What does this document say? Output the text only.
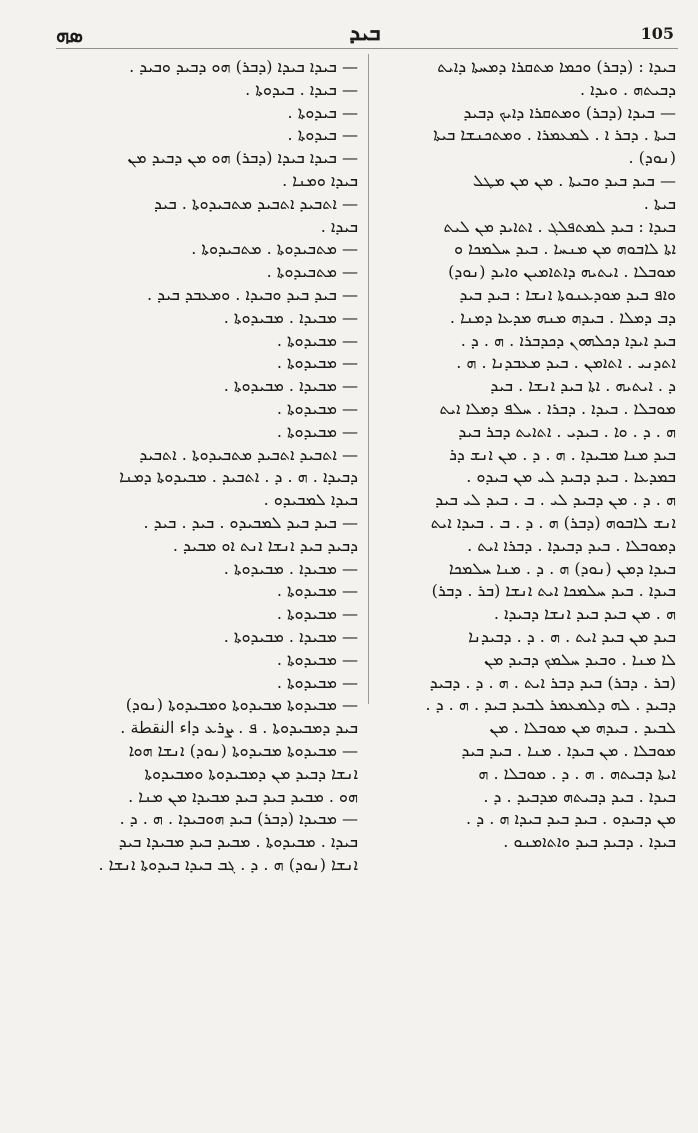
ܣܗ	ܒܝܕ	105
— ܒܝܕܐ ܒܝܕܐ (ܕܒܪ) ܗܘ ܕܒܝܕ ܘܒܝܕ .
— ܒܝܕܐ . ܒܝܕܘܬܐ .
— ܒܝܕܘܬܐ .
— ܒܝܕܘܬܐ .
— ܒܝܕܐ ܒܝܕܐ (ܕܒܪ) ܗܘ ܡܢ ܕܒܝܕ ܡܢ
ܒܝܕܐ ܘܡܢܐ .
— ܐܬܒܝܕ ܐܬܒܝܕ ܡܬܒܝܕܘܬܐ . ܒܝܕ
ܒܝܕܐ .
— ܡܬܒܝܕܘܬܐ . ܡܬܒܝܕܘܬܐ .
— ܡܬܒܝܕܘܬܐ .
— ܒܝܕ ܒܝܕ ܘܒܝܕܐ . ܘܡܥܒܕ ܒܝܕ .
— ܡܒܝܕܐ . ܡܒܝܕܘܬܐ .
— ܡܒܝܕܘܬܐ .
— ܡܒܝܕܘܬܐ .
— ܡܒܝܕܐ . ܡܒܝܕܘܬܐ .
— ܡܒܝܕܘܬܐ .
— ܡܒܝܕܘܬܐ .
— ܐܬܒܝܕ ܐܬܒܝܕ ܡܬܒܝܕܘܬܐ . ܐܬܒܝܕ
ܕܒܝܕܐ . ܗ . ܕ . ܐܬܒܝܕ . ܡܒܝܕܘܬܐ ܕܡܢܐ
ܒܝܕܐ ܠܡܒܝܕܘ .
— ܒܝܕ ܒܝܕ ܠܡܒܝܕܘ . ܒܝܕ . ܒܝܕ .
ܕܒܝܕ ܒܝܕ ܐܢܫܐ ܐܢܬ ܐܘ ܡܒܝܕ .
— ܡܒܝܕܐ . ܡܒܝܕܘܬܐ .
— ܡܒܝܕܘܬܐ .
— ܡܒܝܕܘܬܐ .
— ܡܒܝܕܐ . ܡܒܝܕܘܬܐ .
— ܡܒܝܕܘܬܐ .
— ܡܒܝܕܘܬܐ .
— ܡܒܝܕܘܬܐ ܡܒܝܕܘܬܐ ܘܡܒܝܕܘܬܐ (ܢܘܕ)
ܒܝܕ ܕܡܒܝܕܘܬܐ . ܦ . ܨܪܥ ܕاء النقطة .
— ܡܒܝܕܘܬܐ ܡܒܝܕܘܬܐ (ܢܘܕ) ܐܢܫܐ ܗܘܐ
ܐܢܫܐ ܕܒܝܕ ܡܢ ܕܡܒܝܕܘܬܐ ܘܡܒܝܕܘܬܐ
ܗܘ . ܡܒܝܕ ܒܝܕ ܒܝܕ ܡܒܝܕܐ ܡܢ ܡܢܐ .
— ܡܒܝܕܐ (ܕܒܪ) ܒܝܕ ܗܘܒܝܕܐ . ܗ . ܕ .
ܒܝܕܐ . ܡܒܝܕܘܬܐ . ܡܒܝܕ ܒܝܕ ܡܒܝܕܐ ܒܝܕ
ܐܢܫܐ (ܢܘܕ) ܗ . ܕ . ܓܒ ܒܝܕܐ ܒܝܕܘܬܐ ܐܢܫܐ .
ܒܝܕܐ : (ܕܒܪ) ܘܟܡܐ ܡܬܩܪܐ ܕܡܚܬܐ ܕܐܝܬ
ܕܒܝܬܗ . ܘܝܕܐ .
— ܒܝܕܐ (ܕܒܪ) ܘܡܬܩܪܐ ܕܐܝܟ ܕܒܝܕ
ܒܝܬܐ . ܕܒܪ ܐ . ܠܡܥܡܪܐ . ܘܡܬܟܢܫܐ ܒܝܬܐ
(ܢܘܕ) .
— ܒܝܕ ܒܝܕ ܘܒܝܬܐ . ܡܢ ܡܢ ܡܛܠ
ܒܝܬܐ .
ܒܝܕܐ : ܒܝܕ ܠܡܬܦܠܓ . ܐܬܐܝܕ ܡܢ ܠܝܬ
ܐܬܐ ܠܐܒܘܗ ܡܢ ܡܢܚܐ . ܒܝܕ ܚܠܡܟܐ ܘ
ܡܘܒܠܐ . ܐܝܬܝܗ ܕܐܬܐܡܝܢ ܘܐܝܕ (ܢܘܕ)
ܘܐܦ ܒܝܕ ܡܘܕܥܢܘܬܐ ܐܢܫܐ : ܒܝܕ ܒܝܕ
ܕܒ ܕܡܠܐ . ܒܝܕܗ ܡܢܗ ܡܕܥܐ ܕܡܢܐ .
ܒܝܕ ܐܝܕܐ ܕܟܠܗܘܢ ܕܟܕܒܪܐ . ܗ . ܕ .
ܐܬܕܢܝ . ܐܬܐܡܢ . ܒܝܕ ܡܥܒܕܢܐ . ܗ .
ܕ . ܐܝܬܝܗ . ܐܬܐ ܒܝܕ ܐܢܫܐ . ܒܝܕ
ܡܘܒܠܐ . ܒܝܕܐ . ܕܒܪܐ . ܚܠܦ ܕܡܠܐ ܐܝܬ
ܗ . ܕ . ܘܐ . ܒܝܕܝ . ܐܬܐܝܬ ܕܒܪ ܒܝܕ
ܒܝܕ ܡܢܐ ܡܒܝܕܐ . ܗ . ܕ . ܡܢ ܐܢܫ ܕܪ
ܒܡܕܥܐ . ܒܝܕ ܕܒܝܕ ܠܝ ܡܢ ܒܝܕܘ .
ܗ . ܕ . ܡܢ ܕܒܝܕ ܠܝ . ܒ . ܒܝܕ ܠܝ ܒܝܕ
ܐܢܫ ܠܐܒܘܗ (ܕܒܪ) ܗ . ܕ . ܒ . ܒܝܕܐ ܐܝܬ
ܕܡܘܒܠܐ . ܒܝܕ ܕܒܝܕܐ . ܕܒܪܐ ܐܝܬ .
ܒܝܕܐ ܕܡܢ (ܢܘܕ) ܗ . ܕ . ܡܢܐ ܚܠܡܟܐ
ܒܝܕܐ . ܒܝܕ ܚܠܡܟܐ ܐܝܬ ܐܢܫܐ (ܒܪ . ܕܒܪ)
ܗ . ܡܢ ܒܝܕ ܒܝܕ ܐܢܫܐ ܕܒܝܕܐ .
ܒܝܕ ܡܢ ܒܝܕ ܐܝܬ . ܗ . ܕ . ܕܒܝܕܢܐ
ܠܐ ܡܢܐ . ܘܒܝܕ ܚܠܡܟ ܕܒܝܕ ܡܢ
(ܒܪ . ܕܒܪ) ܒܝܕ ܕܒܪ ܐܝܬ . ܗ . ܕ . ܕܒܝܕ
ܕܒܝܕ . ܠܗ ܕܠܡܥܡܪ ܠܒܝܕ ܒܝܕ . ܗ . ܕ .
ܠܒܝܕ . ܒܝܕܗ ܡܢ ܡܘܒܠܐ . ܡܢ
ܡܘܒܠܐ . ܡܢ ܒܝܕܐ . ܡܢܐ . ܒܝܕ ܒܝܕ
ܐܝܬܐ ܕܒܝܬܗ . ܗ . ܕ . ܡܘܒܠܐ . ܗ
ܒܝܕܐ . ܒܝܕ ܕܒܝܬܗ ܡܕܒܝܕ . ܕ .
ܡܢ ܕܒܝܕܘ . ܒܝܕ ܒܝܕ ܒܝܕܐ ܗ . ܕ .
ܒܝܕܐ . ܕܒܝܕ ܒܝܕ ܘܐܬܐܡܢܘ .
